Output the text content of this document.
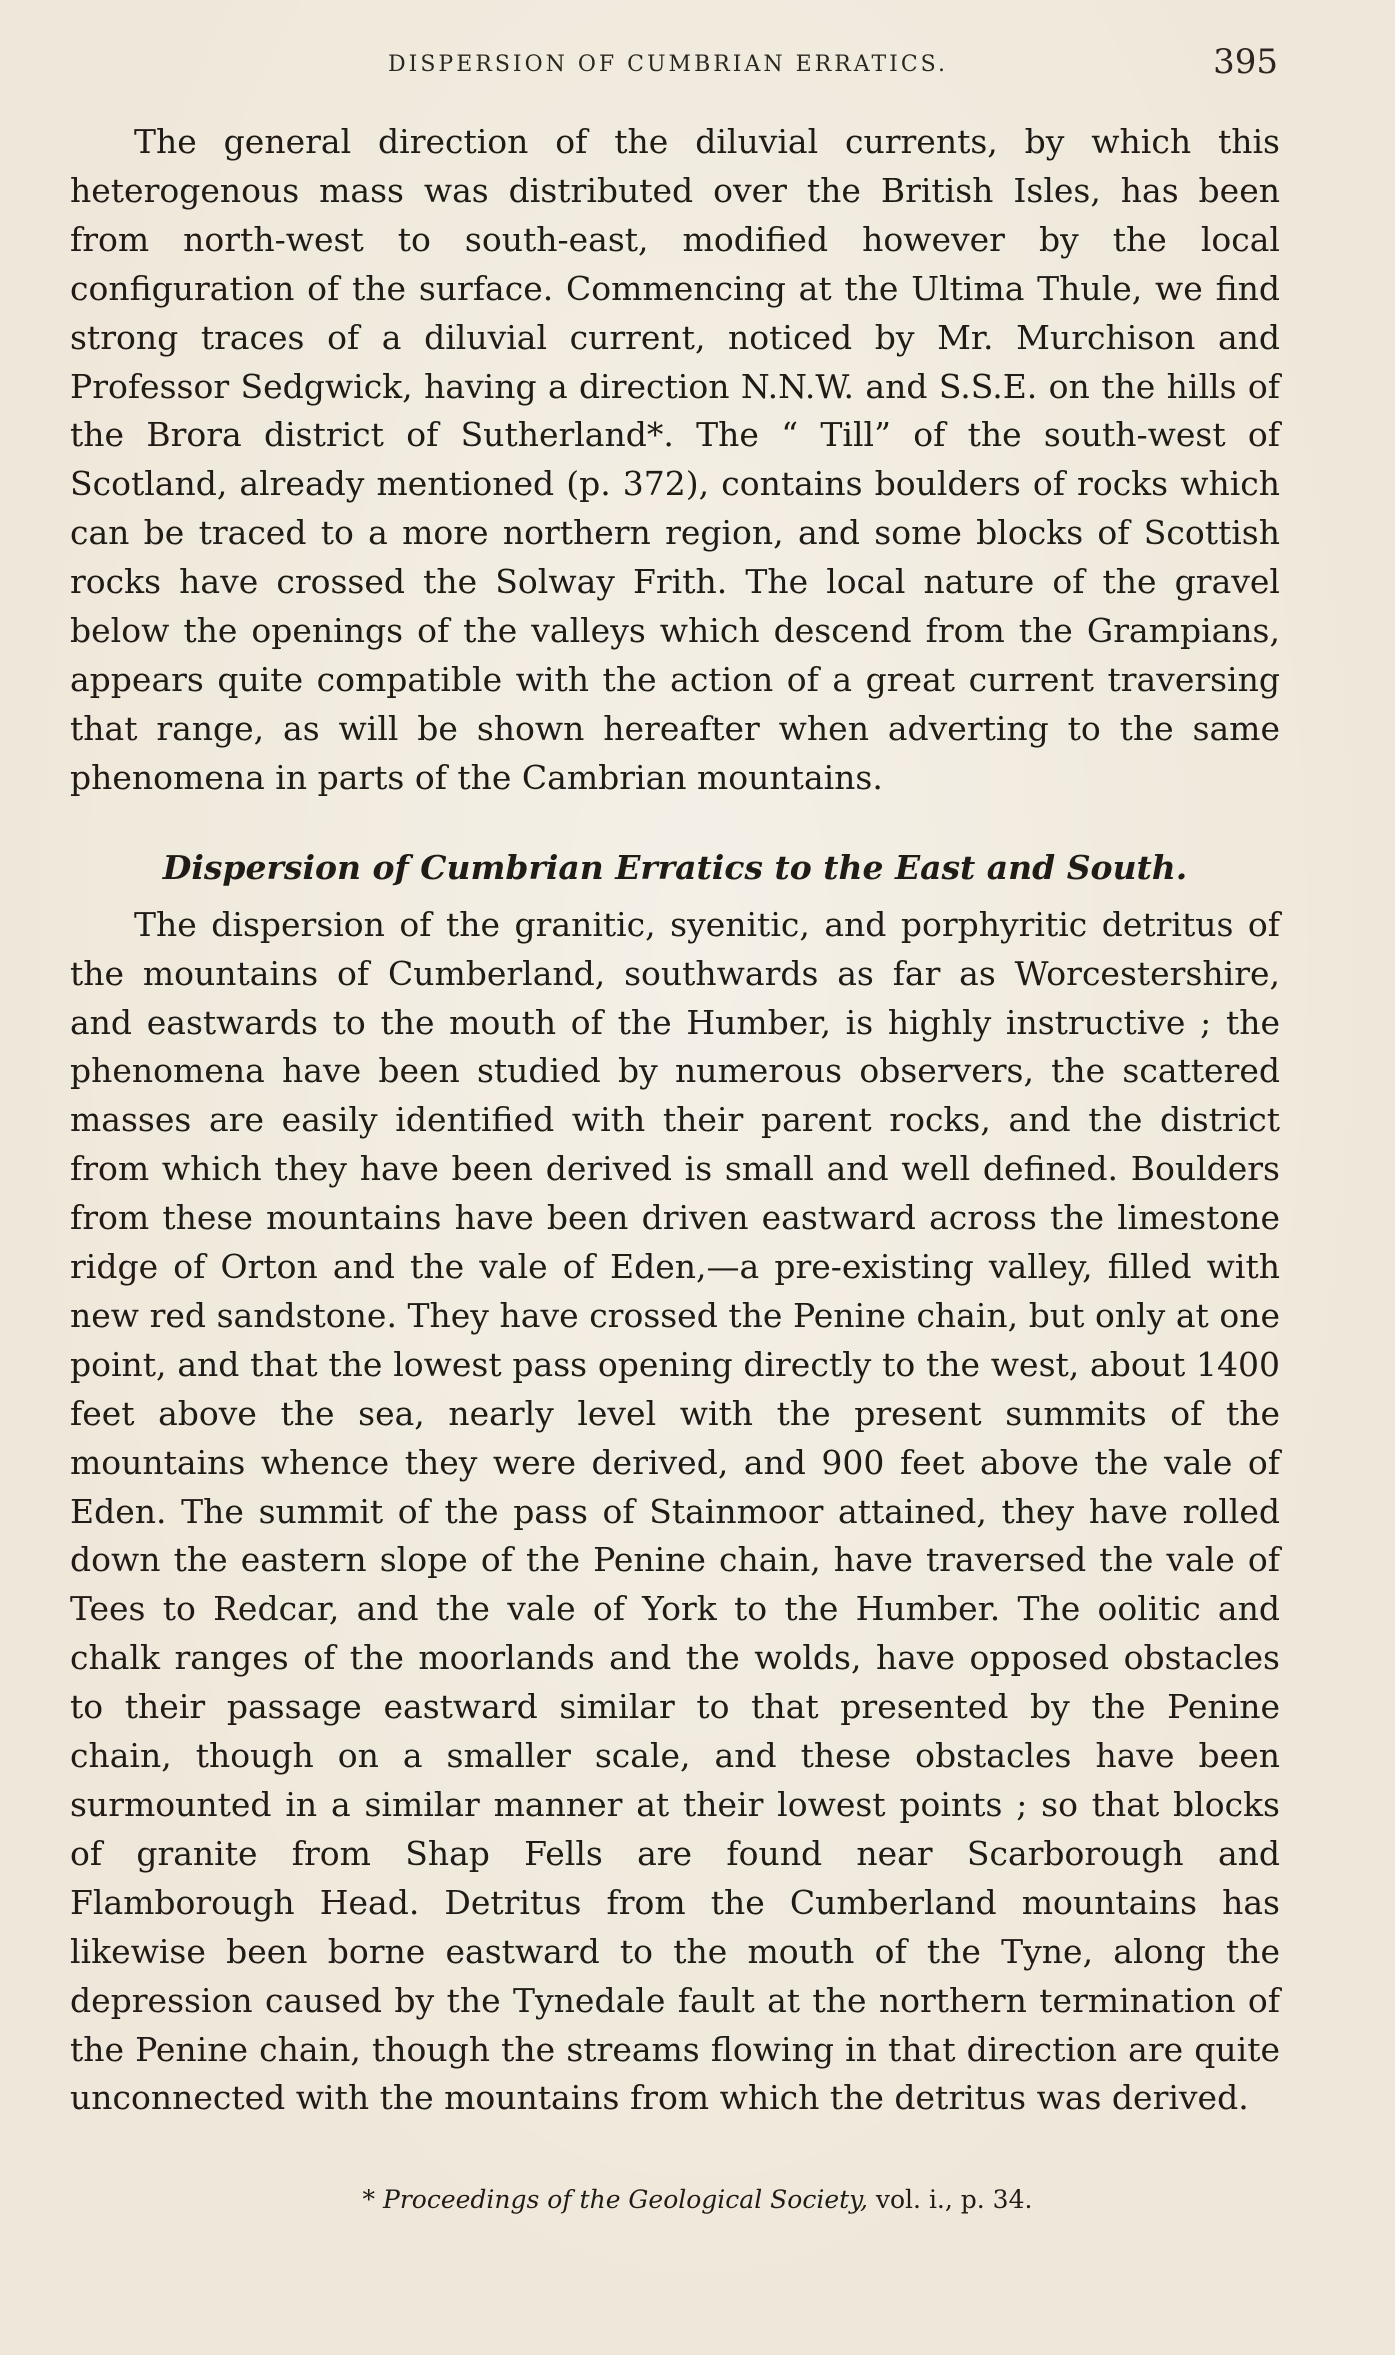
DISPERSION OF CUMBRIAN ERRATICS.	395

The general direction of the diluvial currents, by which this heterogenous mass was distributed over the British Isles, has been from north-west to south-east, modified however by the local configuration of the surface. Commencing at the Ultima Thule, we find strong traces of a diluvial current, noticed by Mr. Murchison and Professor Sedgwick, having a direction N.N.W. and S.S.E. on the hills of the Brora district of Sutherland*. The “ Till” of the south-west of Scotland, already mentioned (p. 372), contains boulders of rocks which can be traced to a more northern region, and some blocks of Scottish rocks have crossed the Solway Frith. The local nature of the gravel below the openings of the valleys which descend from the Grampians, appears quite compatible with the action of a great current traversing that range, as will be shown hereafter when adverting to the same phenomena in parts of the Cambrian mountains.

Dispersion of Cumbrian Erratics to the East and South.

The dispersion of the granitic, syenitic, and porphyritic detritus of the mountains of Cumberland, southwards as far as Worcestershire, and eastwards to the mouth of the Humber, is highly instructive ; the phenomena have been studied by numerous observers, the scattered masses are easily identified with their parent rocks, and the district from which they have been derived is small and well defined. Boulders from these mountains have been driven eastward across the limestone ridge of Orton and the vale of Eden,—a pre-existing valley, filled with new red sandstone. They have crossed the Penine chain, but only at one point, and that the lowest pass opening directly to the west, about 1400 feet above the sea, nearly level with the present summits of the mountains whence they were derived, and 900 feet above the vale of Eden. The summit of the pass of Stainmoor attained, they have rolled down the eastern slope of the Penine chain, have traversed the vale of Tees to Redcar, and the vale of York to the Humber. The oolitic and chalk ranges of the moorlands and the wolds, have opposed obstacles to their passage eastward similar to that presented by the Penine chain, though on a smaller scale, and these obstacles have been surmounted in a similar manner at their lowest points ; so that blocks of granite from Shap Fells are found near Scarborough and Flamborough Head. Detritus from the Cumberland mountains has likewise been borne eastward to the mouth of the Tyne, along the depression caused by the Tynedale fault at the northern termination of the Penine chain, though the streams flowing in that direction are quite unconnected with the mountains from which the detritus was derived.

* Proceedings of the Geological Society, vol. i., p. 34.
